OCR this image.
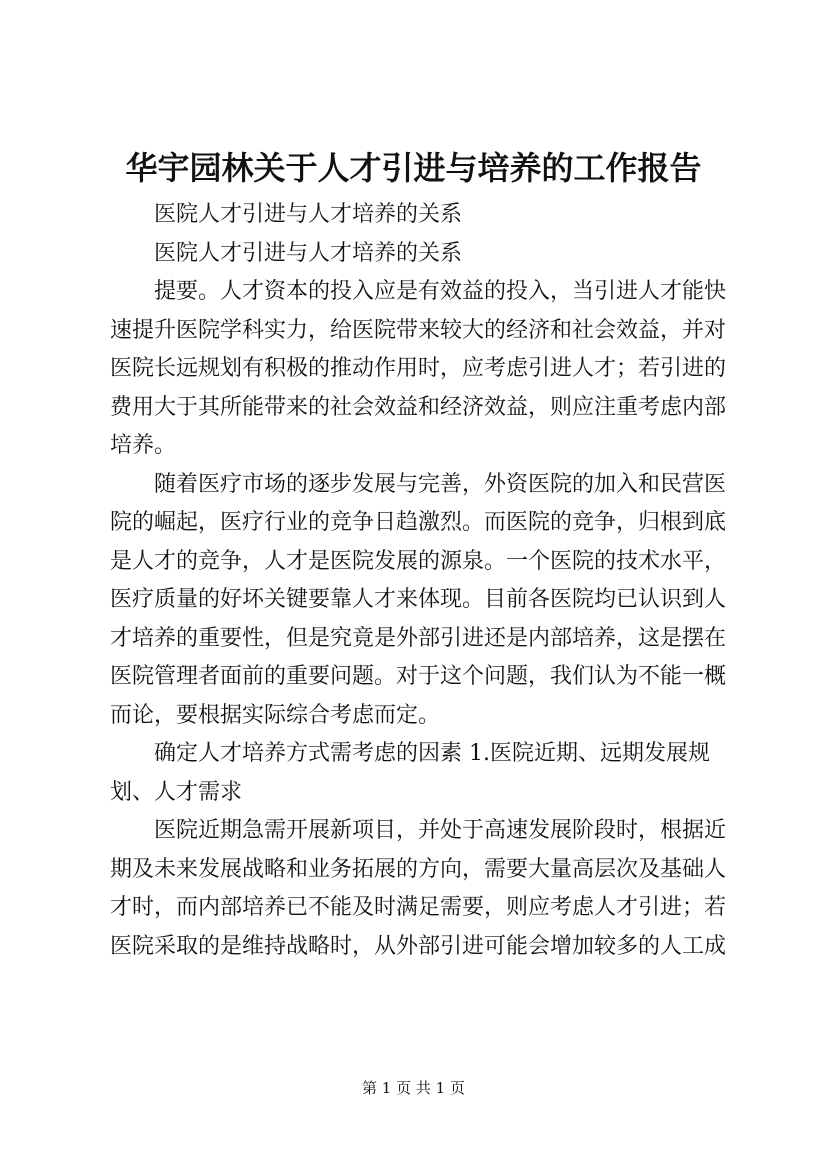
华宇园林关于人才引进与培养的工作报告
医院人才引进与人才培养的关系
医院人才引进与人才培养的关系
提要。人才资本的投入应是有效益的投入，当引进人才能快
速提升医院学科实力，给医院带来较大的经济和社会效益，并对
医院长远规划有积极的推动作用时，应考虑引进人才；若引进的
费用大于其所能带来的社会效益和经济效益，则应注重考虑内部
培养。
随着医疗市场的逐步发展与完善，外资医院的加入和民营医
院的崛起，医疗行业的竞争日趋激烈。而医院的竞争，归根到底
是人才的竞争，人才是医院发展的源泉。一个医院的技术水平，
医疗质量的好坏关键要靠人才来体现。目前各医院均已认识到人
才培养的重要性，但是究竟是外部引进还是内部培养，这是摆在
医院管理者面前的重要问题。对于这个问题，我们认为不能一概
而论，要根据实际综合考虑而定。
确定人才培养方式需考虑的因素 1.医院近期、远期发展规
划、人才需求
医院近期急需开展新项目，并处于高速发展阶段时，根据近
期及未来发展战略和业务拓展的方向，需要大量高层次及基础人
才时，而内部培养已不能及时满足需要，则应考虑人才引进；若
医院采取的是维持战略时，从外部引进可能会增加较多的人工成
第 1 页 共 1 页
